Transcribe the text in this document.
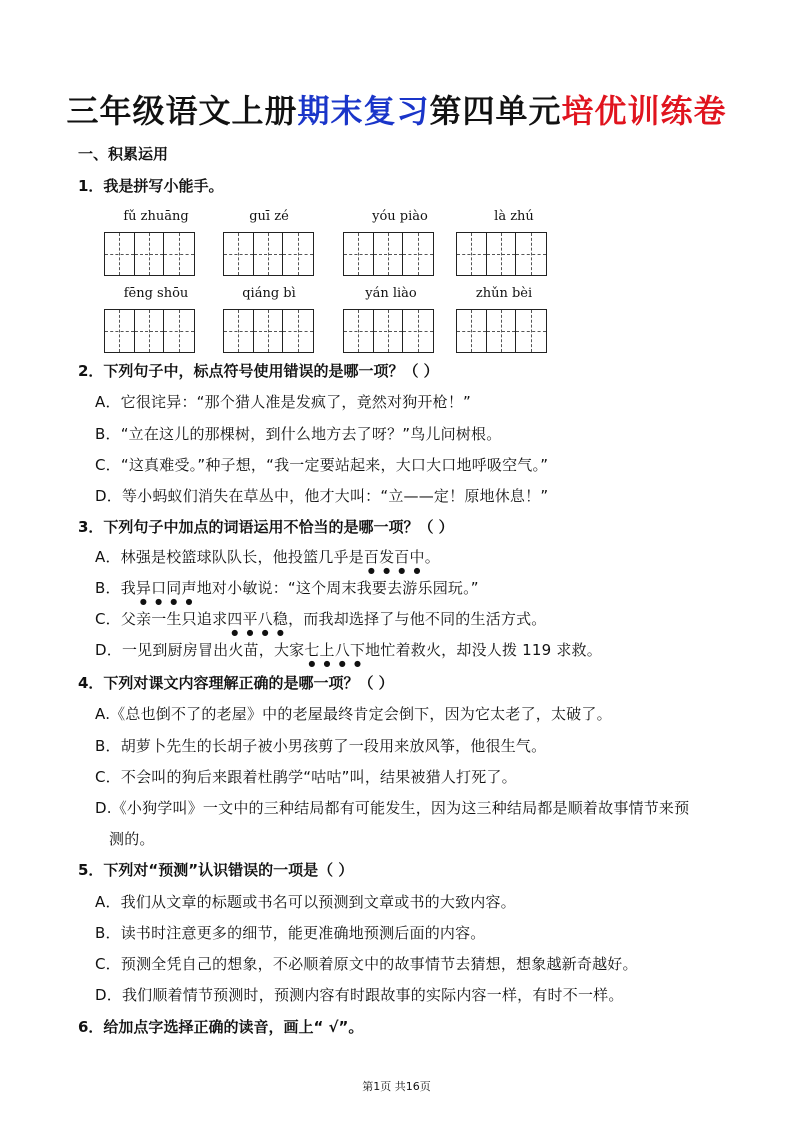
三年级语文上册期末复习第四单元培优训练卷
一、积累运用
1．我是拼写小能手。
fǔ zhuāng	guī zé	yóu piào	là zhú
fēng shōu	qiáng bì	yán liào	zhǔn bèi
2．下列句子中，标点符号使用错误的是哪一项？（ ）
A．它很诧异：“那个猎人准是发疯了，竟然对狗开枪！”
B．“立在这儿的那棵树，到什么地方去了呀？”鸟儿问树根。
C．“这真难受。”种子想，“我一定要站起来，大口大口地呼吸空气。”
D．等小蚂蚁们消失在草丛中，他才大叫：“立——定！原地休息！”
3．下列句子中加点的词语运用不恰当的是哪一项？（ ）
A．林强是校篮球队队长，他投篮几乎是百发百中。
B．我异口同声地对小敏说：“这个周末我要去游乐园玩。”
C．父亲一生只追求四平八稳，而我却选择了与他不同的生活方式。
D．一见到厨房冒出火苗，大家七上八下地忙着救火，却没人拨 119 求救。
4．下列对课文内容理解正确的是哪一项？（ ）
A.《总也倒不了的老屋》中的老屋最终肯定会倒下，因为它太老了，太破了。
B．胡萝卜先生的长胡子被小男孩剪了一段用来放风筝，他很生气。
C．不会叫的狗后来跟着杜鹃学“咕咕”叫，结果被猎人打死了。
D.《小狗学叫》一文中的三种结局都有可能发生，因为这三种结局都是顺着故事情节来预
测的。
5．下列对“预测”认识错误的一项是（ ）
A．我们从文章的标题或书名可以预测到文章或书的大致内容。
B．读书时注意更多的细节，能更准确地预测后面的内容。
C．预测全凭自己的想象，不必顺着原文中的故事情节去猜想，想象越新奇越好。
D．我们顺着情节预测时，预测内容有时跟故事的实际内容一样，有时不一样。
6．给加点字选择正确的读音，画上“ √”。
第1页 共16页
